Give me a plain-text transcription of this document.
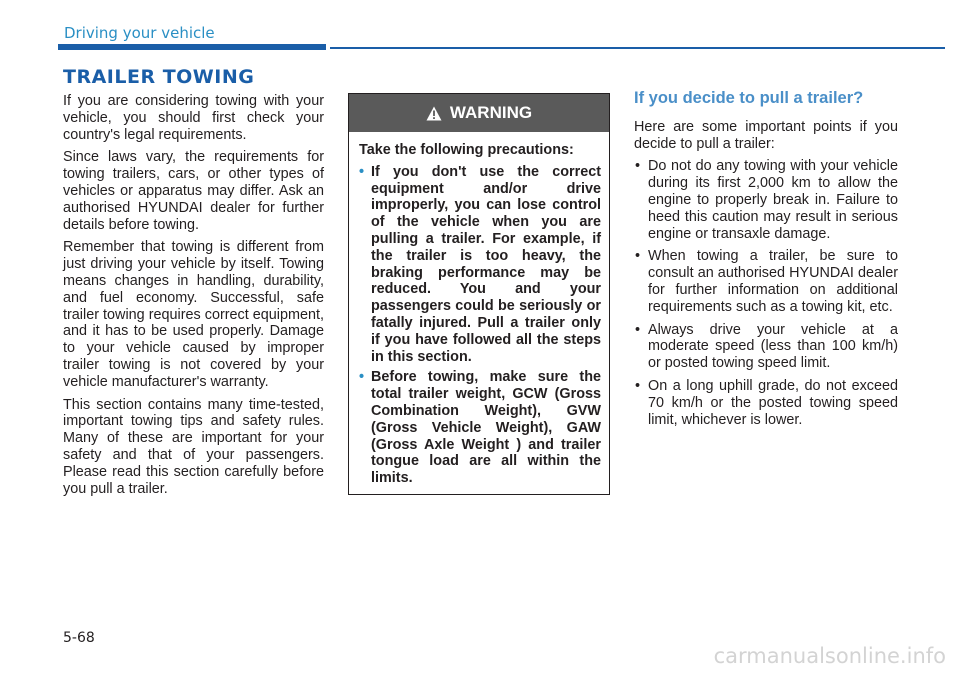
Driving your vehicle
TRAILER TOWING

If you are considering towing with your vehicle, you should first check your country's legal requirements.

Since laws vary, the requirements for towing trailers, cars, or other types of vehicles or apparatus may differ. Ask an authorised HYUNDAI dealer for further details before towing.

Remember that towing is different from just driving your vehicle by itself. Towing means changes in handling, durability, and fuel economy. Successful, safe trailer towing requires correct equipment, and it has to be used properly. Damage to your vehicle caused by improper trailer towing is not covered by your vehicle manufacturer's warranty.

This section contains many time-tested, important towing tips and safety rules. Many of these are important for your safety and that of your passengers. Please read this section carefully before you pull a trailer.

WARNING

Take the following precautions:

• If you don't use the correct equipment and/or drive improperly, you can lose control of the vehicle when you are pulling a trailer. For example, if the trailer is too heavy, the braking performance may be reduced. You and your passengers could be seriously or fatally injured. Pull a trailer only if you have followed all the steps in this section.

• Before towing, make sure the total trailer weight, GCW (Gross Combination Weight), GVW (Gross Vehicle Weight), GAW (Gross Axle Weight ) and trailer tongue load are all within the limits.

If you decide to pull a trailer?

Here are some important points if you decide to pull a trailer:

• Do not do any towing with your vehicle during its first 2,000 km to allow the engine to properly break in. Failure to heed this caution may result in serious engine or transaxle damage.

• When towing a trailer, be sure to consult an authorised HYUNDAI dealer for further information on additional requirements such as a towing kit, etc.

• Always drive your vehicle at a moderate speed (less than 100 km/h) or posted towing speed limit.

• On a long uphill grade, do not exceed 70 km/h or the posted towing speed limit, whichever is lower.

5-68
carmanualsonline.info
